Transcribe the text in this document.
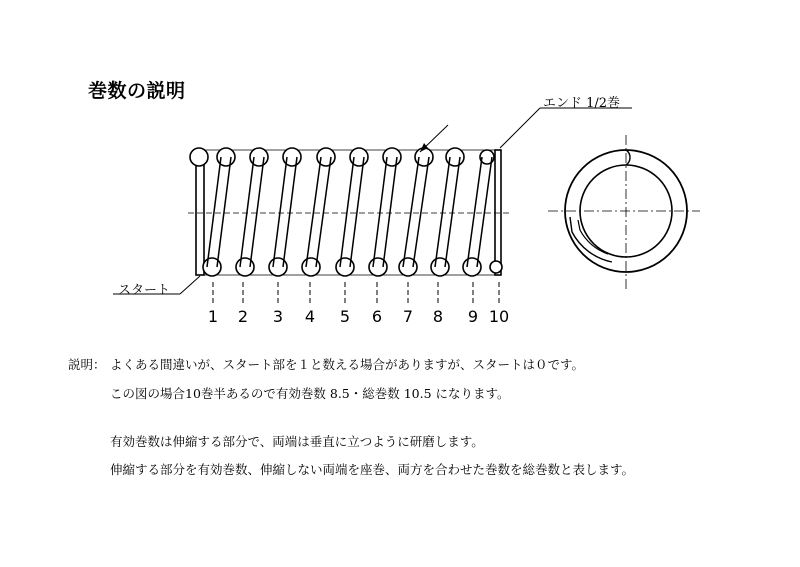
巻数の説明
エンド 1/2巻
スタート
1 2 3 4 5 6 7 8 9 10
説明： よくある間違いが、スタート部を１と数える場合がありますが、スタートは０です。
この図の場合10巻半あるので有効巻数 8.5・総巻数 10.5 になります。
有効巻数は伸縮する部分で、両端は垂直に立つように研磨します。
伸縮する部分を有効巻数、伸縮しない両端を座巻、両方を合わせた巻数を総巻数と表します。
